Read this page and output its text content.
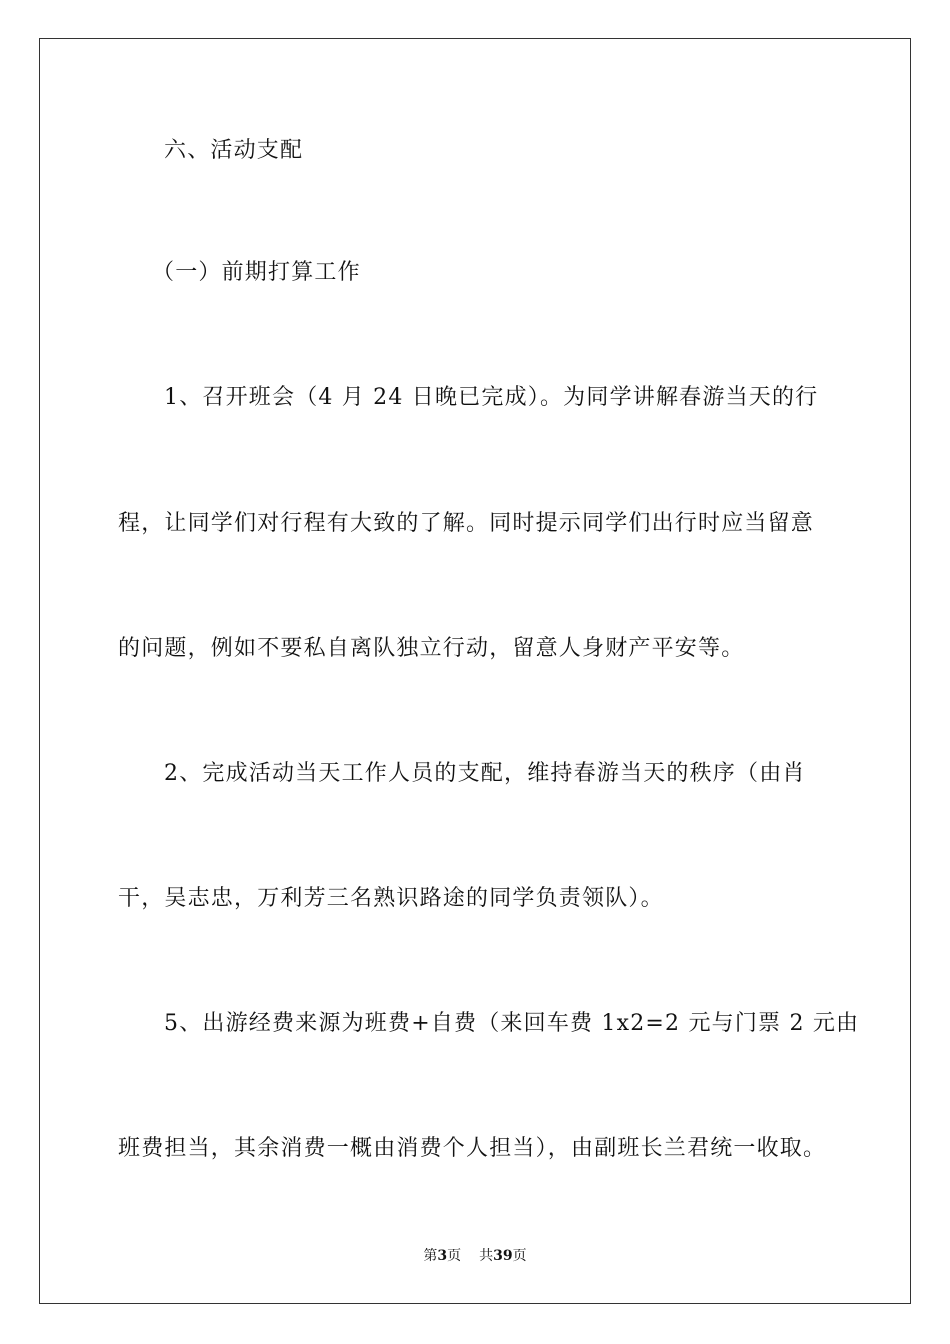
六、活动支配
（一）前期打算工作
1、召开班会（4 月 24 日晚已完成）。为同学讲解春游当天的行
程，让同学们对行程有大致的了解。同时提示同学们出行时应当留意
的问题，例如不要私自离队独立行动，留意人身财产平安等。
2、完成活动当天工作人员的支配，维持春游当天的秩序（由肖
干，吴志忠，万利芳三名熟识路途的同学负责领队）。
5、出游经费来源为班费+自费（来回车费 1x2=2 元与门票 2 元由
班费担当，其余消费一概由消费个人担当），由副班长兰君统一收取。
第3页 共39页
